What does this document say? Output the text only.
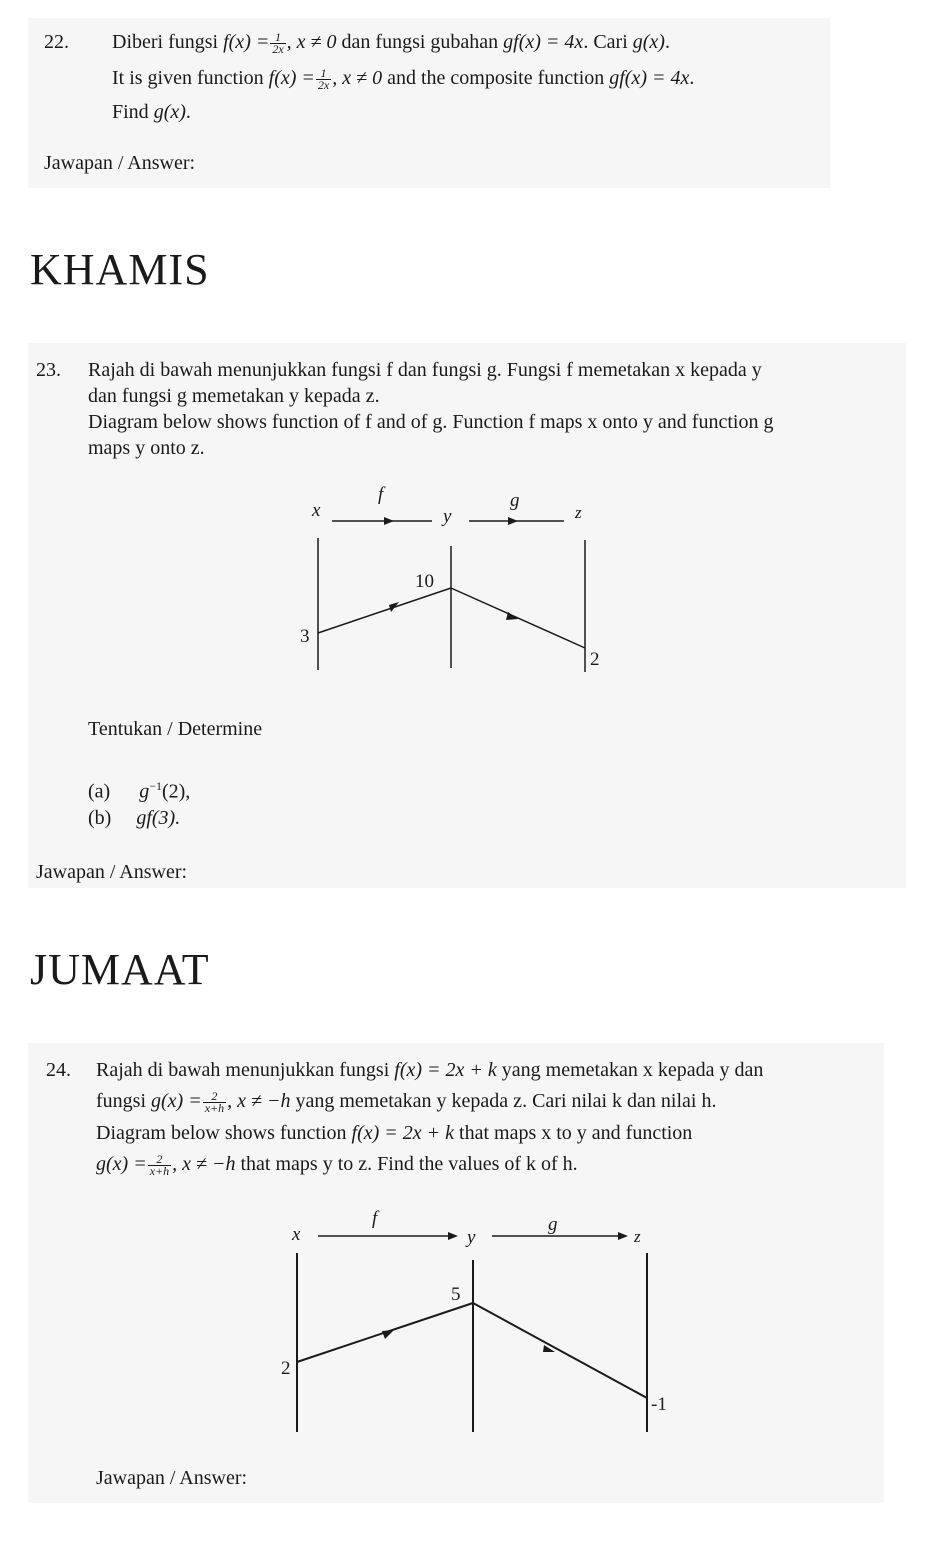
22. Diberi fungsi $f(x) = \frac{1}{2x}$ , x ≠ 0 dan fungsi gubahan gf(x) = 4x. Cari g(x).
It is given function $f(x) = \frac{1}{2x}$ , x ≠ 0 and the composite function gf(x) = 4x.
Find g(x).
Jawapan / Answer:
KHAMIS
23. Rajah di bawah menunjukkan fungsi f dan fungsi g. Fungsi f memetakan x kepada y
dan fungsi g memetakan y kepada z.
Diagram below shows function of f and of g. Function f maps x onto y and function g
maps y onto z.
x
f
y
g
z
3
10
2
Tentukan / Determine
(a) $g^{-1}(2)$,
(b) gf(3).
Jawapan / Answer:
JUMAAT
24. Rajah di bawah menunjukkan fungsi f(x) = 2x + k yang memetakan x kepada y dan
fungsi $g(x) = \frac{2}{x+h}$ , x ≠ −h yang memetakan y kepada z. Cari nilai k dan nilai h.
Diagram below shows function f(x) = 2x + k that maps x to y and function
$g(x) = \frac{2}{x+h}$ , x ≠ −h that maps y to z. Find the values of k of h.
x
f
y
g
z
2
5
-1
Jawapan / Answer:
